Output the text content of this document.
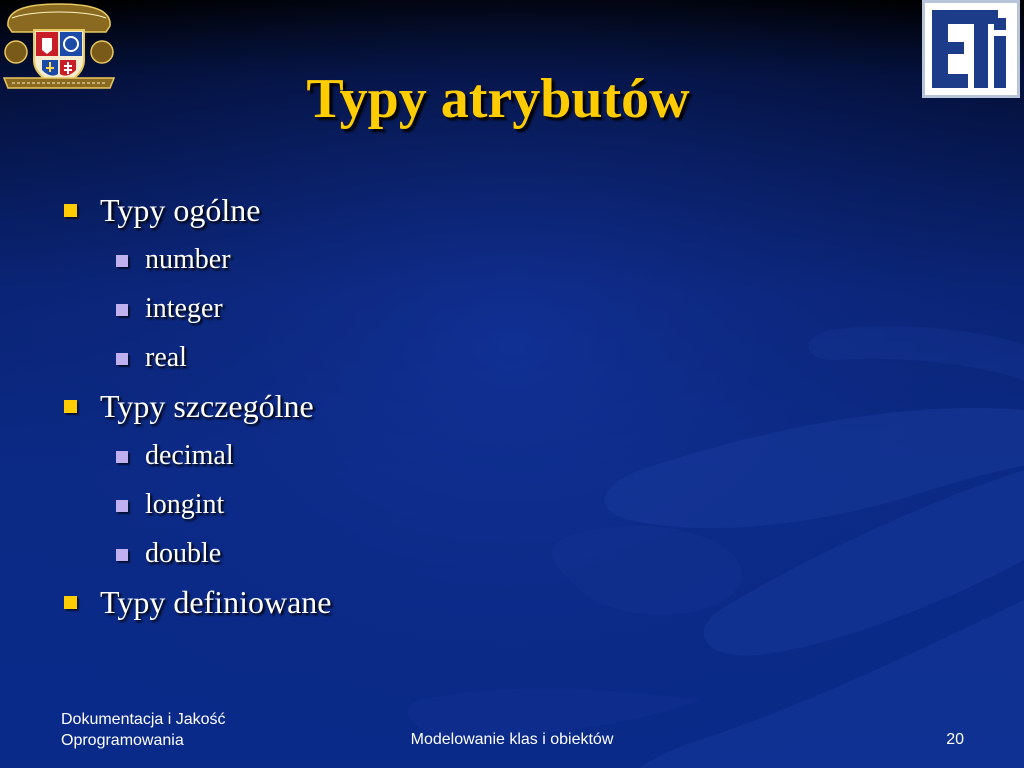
Typy atrybutów
Typy ogólne
number
integer
real
Typy szczególne
decimal
longint
double
Typy definiowane
Dokumentacja i Jakość
Oprogramowania	Modelowanie klas i obiektów	20
